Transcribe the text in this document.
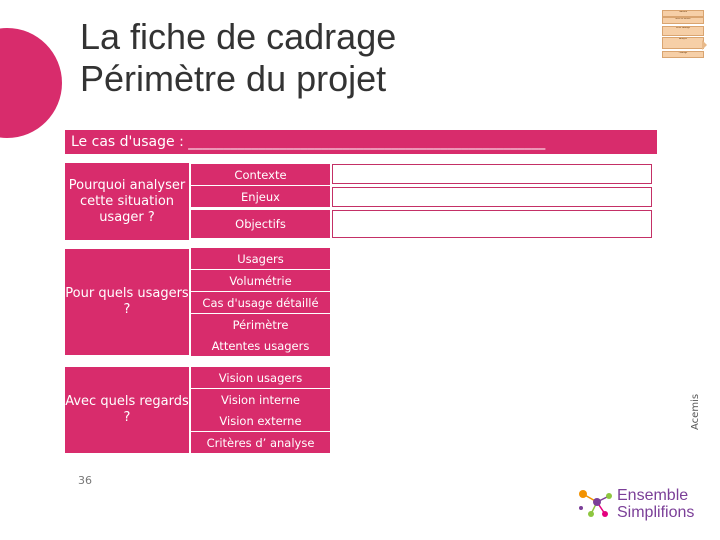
La fiche de cadrage
Périmètre du projet
CADRER
Mise en oeuvre
Fiche cadrage
Analyse
Cadrage
Le cas d'usage : ___________________________________________________
Pourquoi analyser cette situation usager ?
Pour quels usagers ?
Avec quels regards ?
Contexte
Enjeux
Objectifs
Usagers
Volumétrie
Cas d'usage détaillé
Périmètre
Attentes usagers
Vision usagers
Vision interne
Vision externe
Critères d’ analyse
Ensemble
Simplifions
36
Acemis
